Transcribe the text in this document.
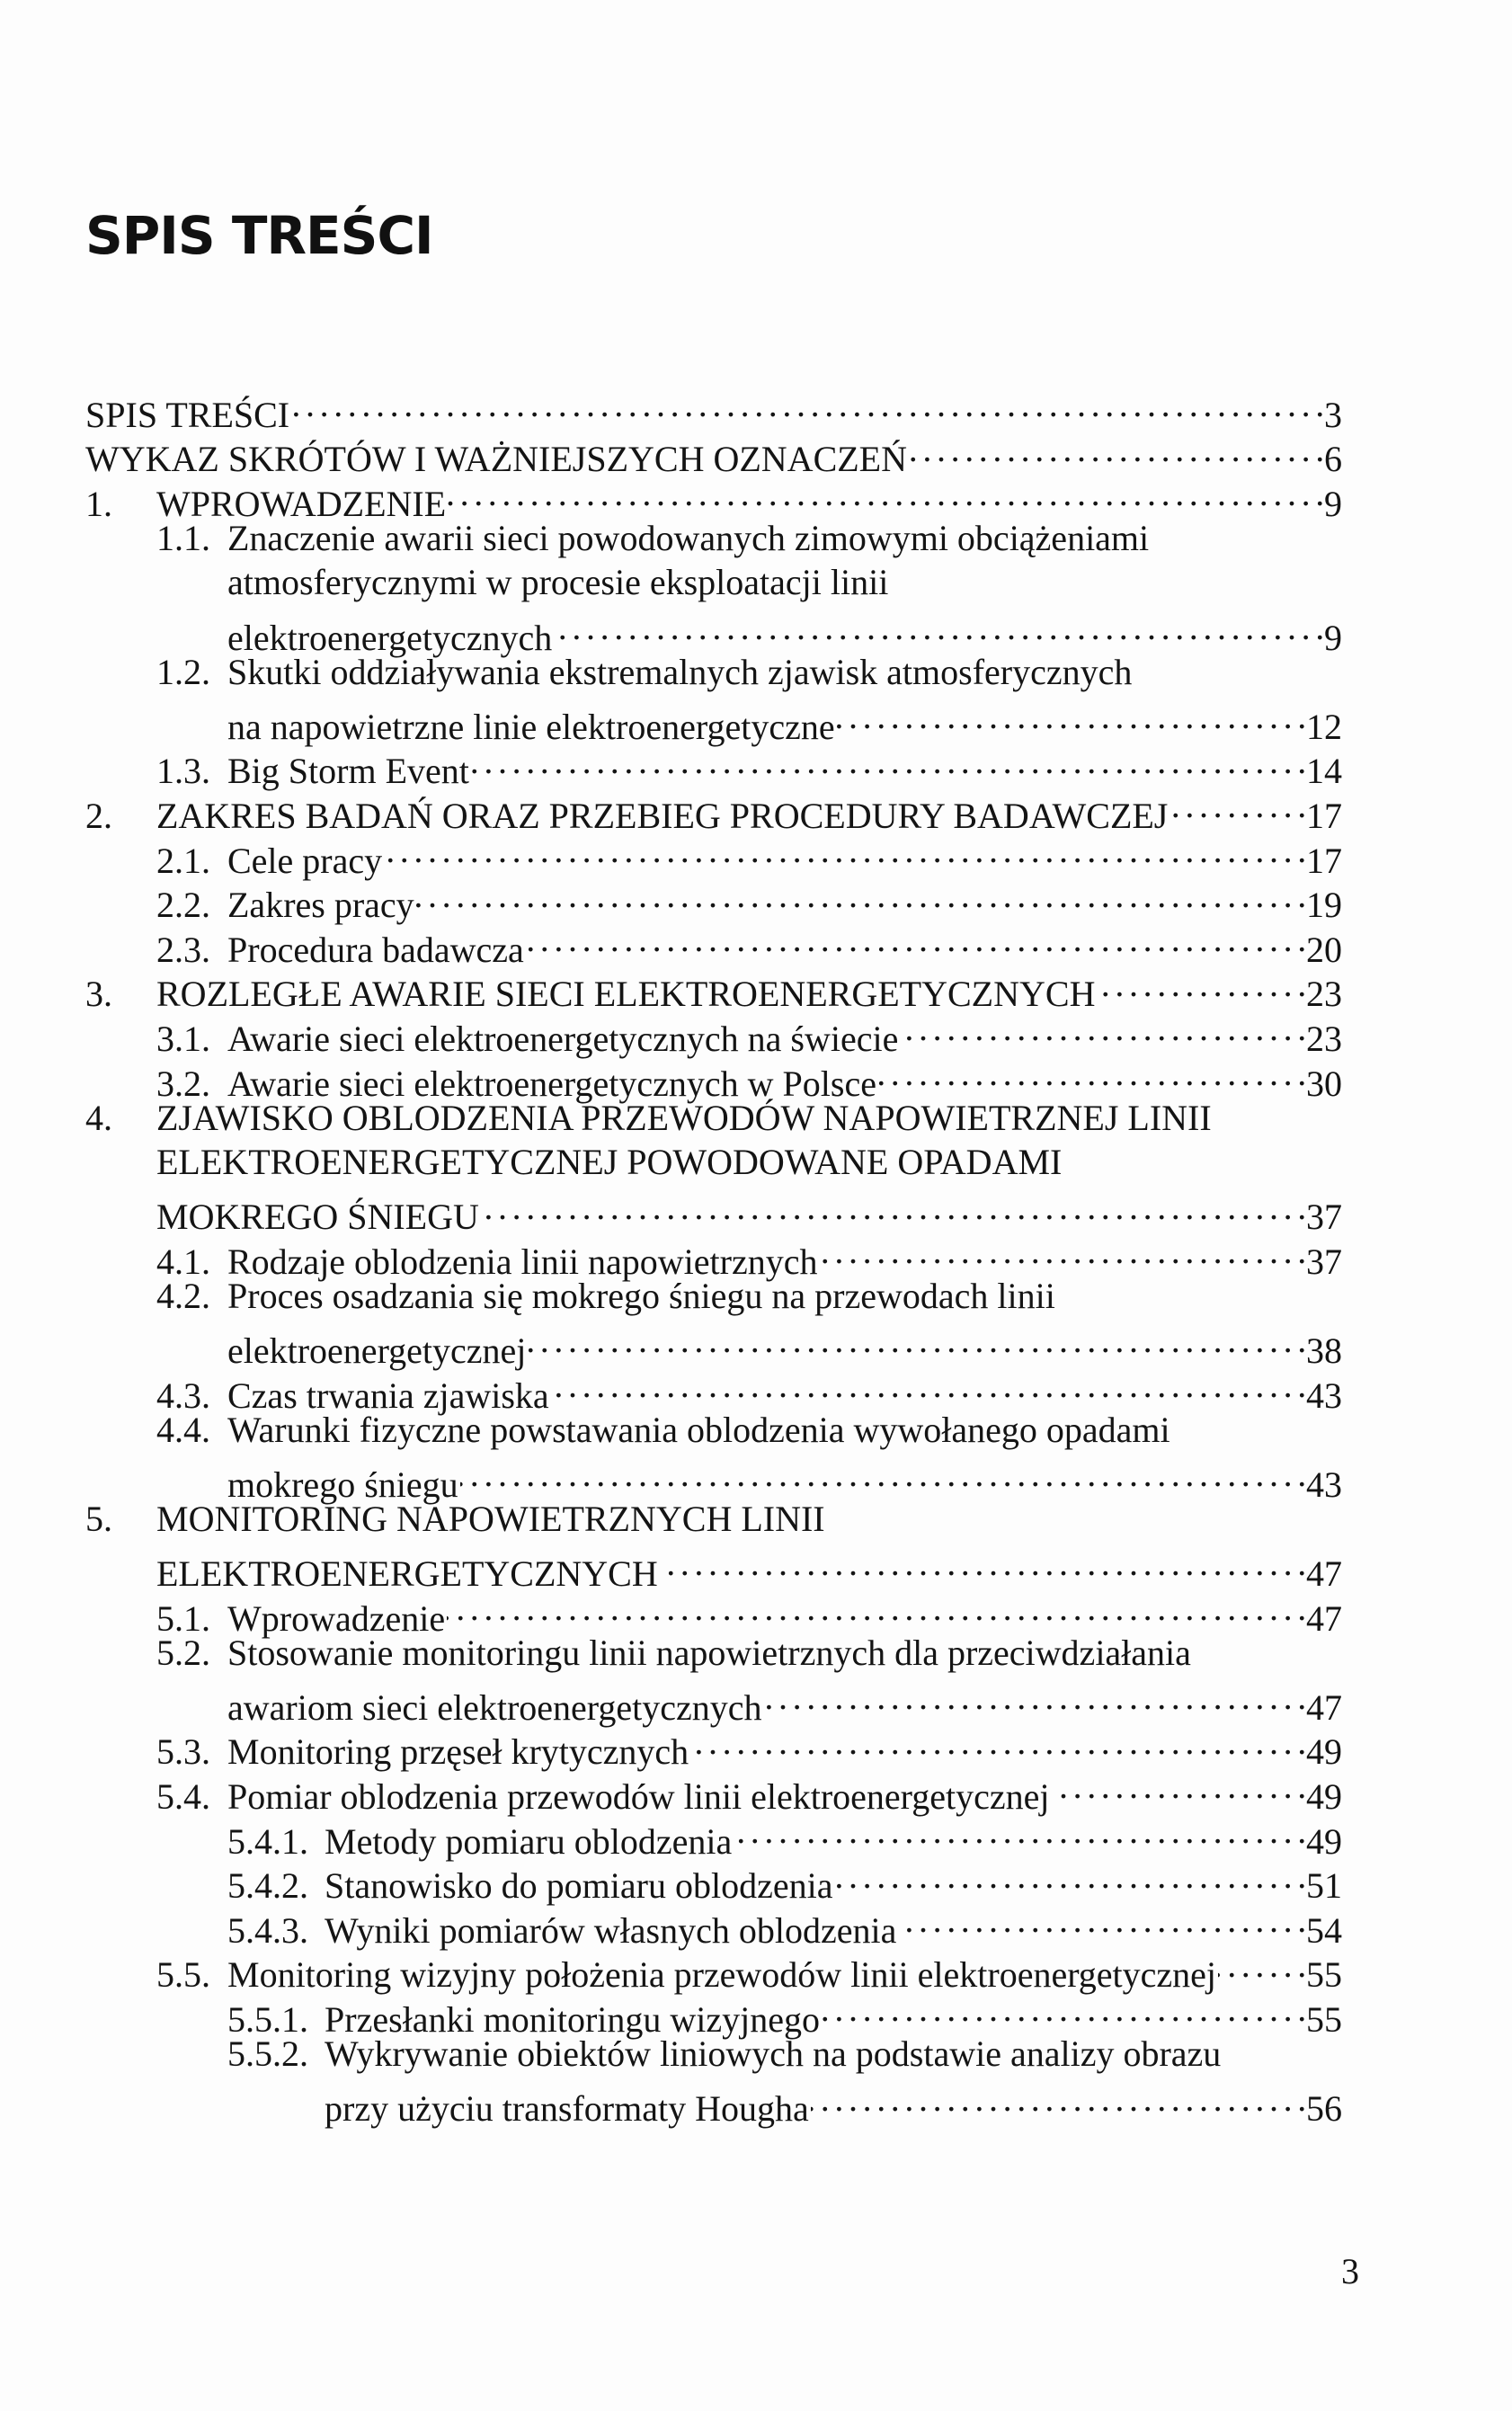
SPIS TREŚCI
SPIS TREŚCI . . .	3
WYKAZ SKRÓTÓW I WAŻNIEJSZYCH OZNACZEŃ . . .	6
1.	WPROWADZENIE . . .	9
1.1. Znaczenie awarii sieci powodowanych zimowymi obciążeniami
atmosferycznymi w procesie eksploatacji linii
elektroenergetycznych . . .	9
1.2. Skutki oddziaływania ekstremalnych zjawisk atmosferycznych
na napowietrzne linie elektroenergetyczne . . .	12
1.3. Big Storm Event . . .	14
2.	ZAKRES BADAŃ ORAZ PRZEBIEG PROCEDURY BADAWCZEJ . . .	17
2.1. Cele pracy . . .	17
2.2. Zakres pracy . . .	19
2.3. Procedura badawcza . . .	20
3.	ROZLEGŁE AWARIE SIECI ELEKTROENERGETYCZNYCH . . .	23
3.1. Awarie sieci elektroenergetycznych na świecie . . .	23
3.2. Awarie sieci elektroenergetycznych w Polsce . . .	30
4.	ZJAWISKO OBLODZENIA PRZEWODÓW NAPOWIETRZNEJ LINII
ELEKTROENERGETYCZNEJ POWODOWANE OPADAMI
MOKREGO ŚNIEGU . . .	37
4.1. Rodzaje oblodzenia linii napowietrznych . . .	37
4.2. Proces osadzania się mokrego śniegu na przewodach linii
elektroenergetycznej . . .	38
4.3. Czas trwania zjawiska . . .	43
4.4. Warunki fizyczne powstawania oblodzenia wywołanego opadami
mokrego śniegu . . .	43
5.	MONITORING NAPOWIETRZNYCH LINII
ELEKTROENERGETYCZNYCH . . .	47
5.1. Wprowadzenie . . .	47
5.2. Stosowanie monitoringu linii napowietrznych dla przeciwdziałania
awariom sieci elektroenergetycznych . . .	47
5.3. Monitoring przęseł krytycznych . . .	49
5.4. Pomiar oblodzenia przewodów linii elektroenergetycznej . . .	49
5.4.1. Metody pomiaru oblodzenia . . .	49
5.4.2. Stanowisko do pomiaru oblodzenia . . .	51
5.4.3. Wyniki pomiarów własnych oblodzenia . . .	54
5.5. Monitoring wizyjny położenia przewodów linii elektroenergetycznej . . . 55
5.5.1. Przesłanki monitoringu wizyjnego . . .	55
5.5.2. Wykrywanie obiektów liniowych na podstawie analizy obrazu
przy użyciu transformaty Hougha . . .	56
3
